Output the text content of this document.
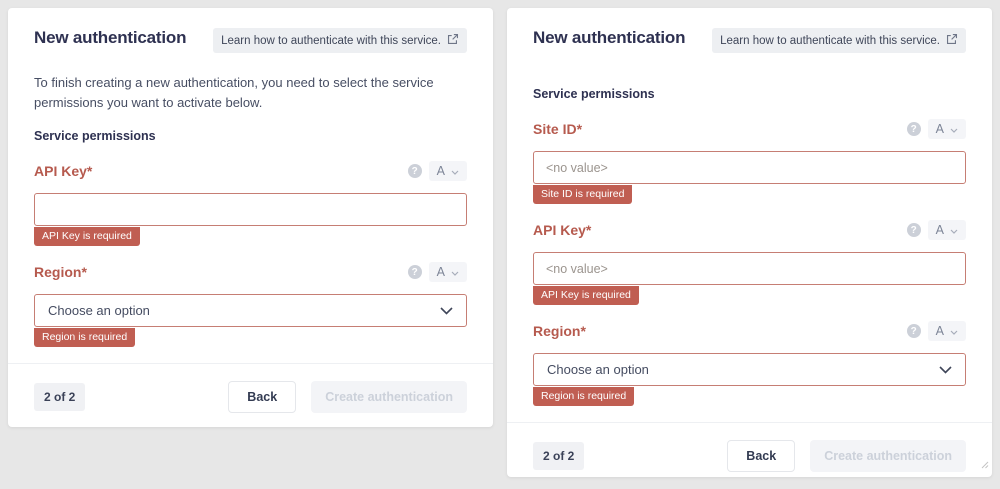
New authentication	Learn how to authenticate with this service.
To finish creating a new authentication, you need to select the service permissions you want to activate below.
Service permissions
API Key*	?	A
API Key is required
Region*	?	A
Choose an option
Region is required
2 of 2	Back	Create authentication
New authentication	Learn how to authenticate with this service.
Service permissions
Site ID*	?	A
<no value>
Site ID is required
API Key*	?	A
<no value>
API Key is required
Region*	?	A
Choose an option
Region is required
2 of 2	Back	Create authentication
